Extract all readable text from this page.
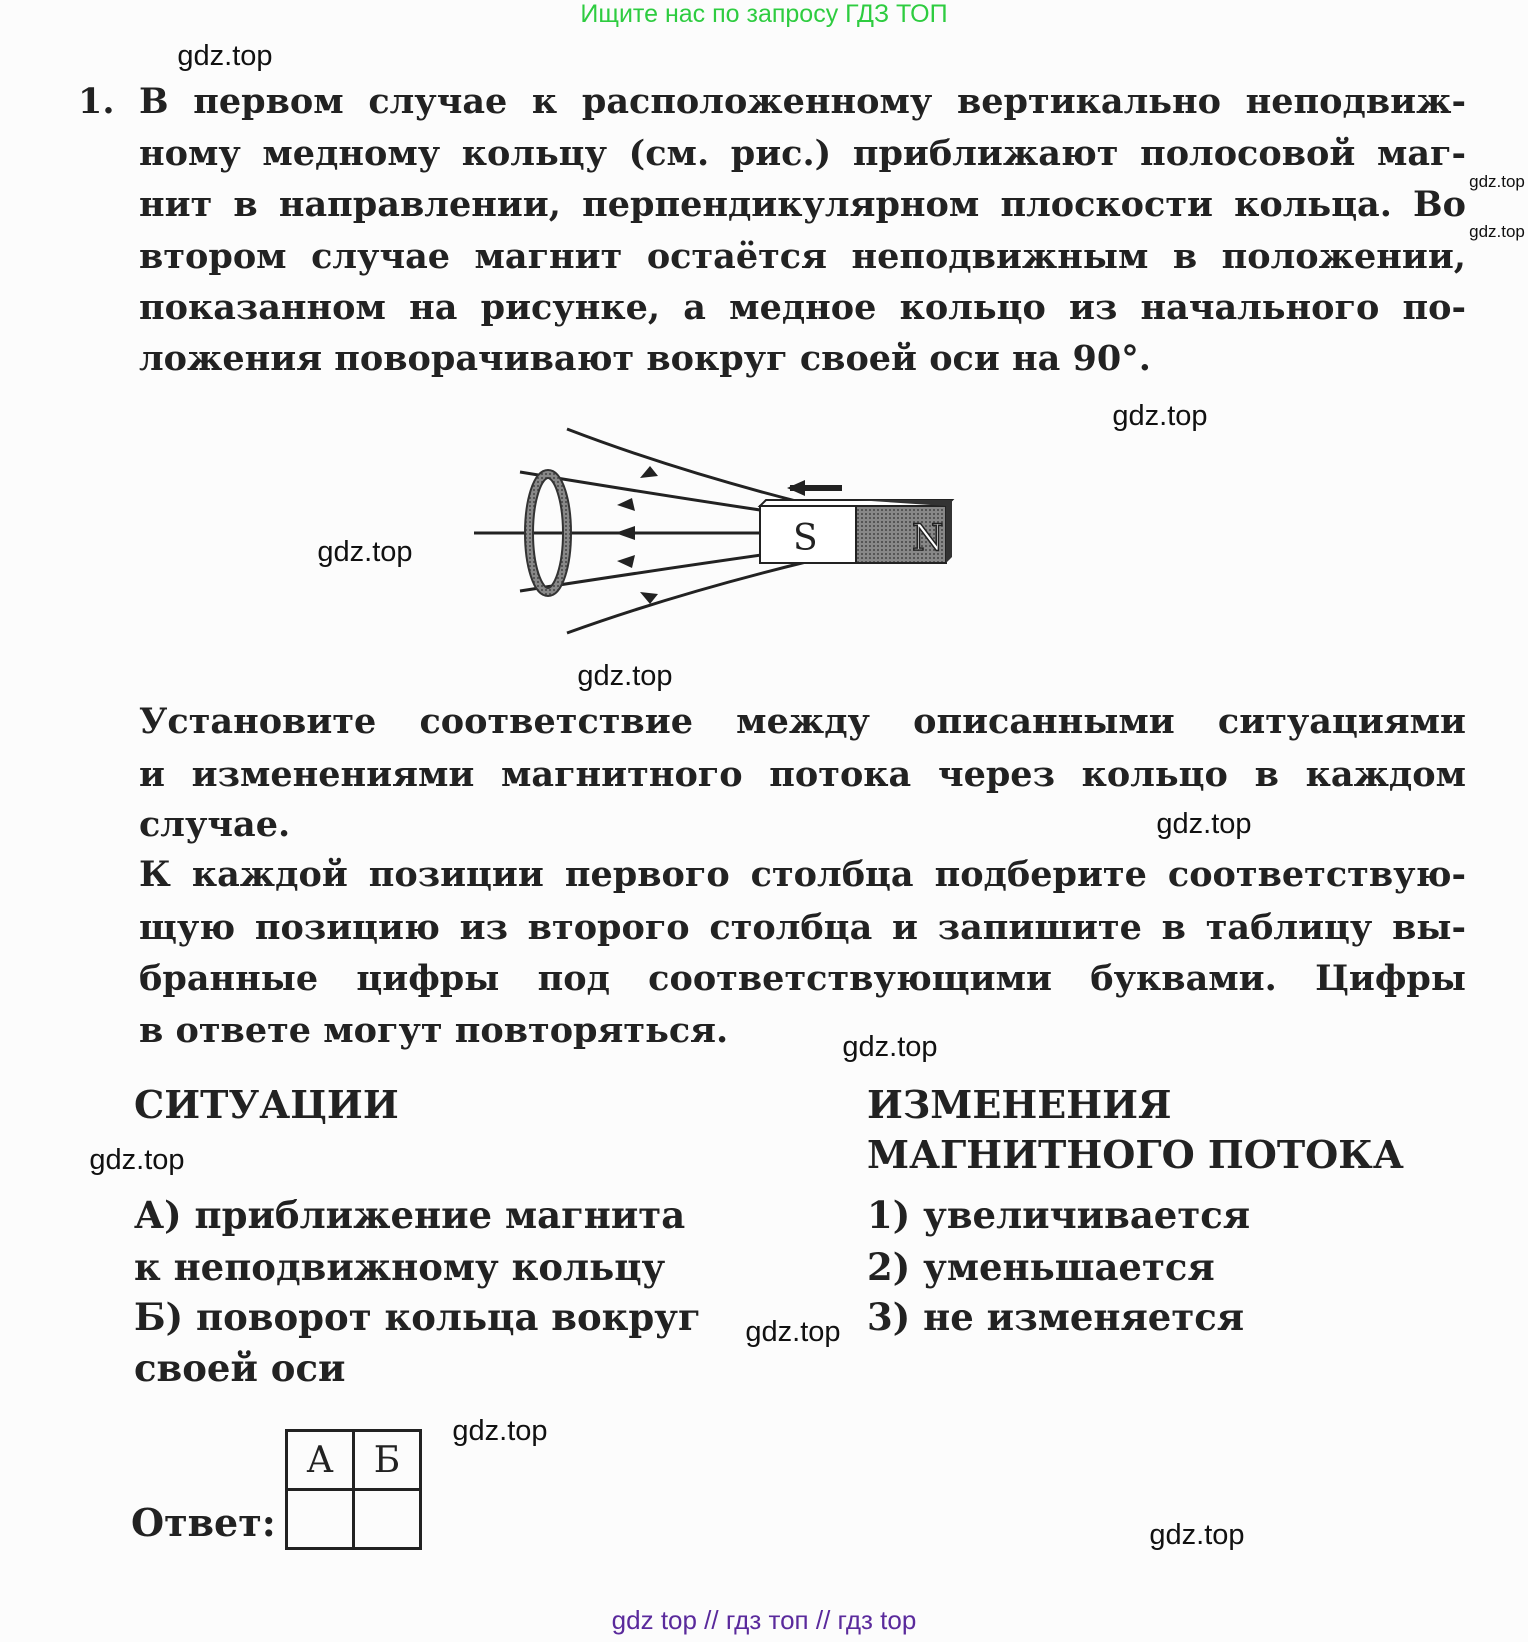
Ищите нас по запросу ГДЗ ТОП
1. В первом случае к расположенному вертикально неподвиж-
ному медному кольцу (см. рис.) приближают полосовой маг-
нит в направлении, перпендикулярном плоскости кольца. Во
втором случае магнит остаётся неподвижным в положении,
показанном на рисунке, а медное кольцо из начального по-
ложения поворачивают вокруг своей оси на 90°.
S	N
Установите соответствие между описанными ситуациями
и изменениями магнитного потока через кольцо в каждом
случае.
К каждой позиции первого столбца подберите соответствую-
щую позицию из второго столбца и запишите в таблицу вы-
бранные цифры под соответствующими буквами. Цифры
в ответе могут повторяться.
СИТУАЦИИ	ИЗМЕНЕНИЯ
МАГНИТНОГО ПОТОКА
А) приближение магнита
к неподвижному кольцу
Б) поворот кольца вокруг
своей оси
1) увеличивается
2) уменьшается
3) не изменяется
Ответ:
А	Б

gdz.top
gdz.top
gdz.top
gdz.top
gdz.top
gdz.top
gdz.top
gdz.top
gdz.top
gdz.top
gdz.top
gdz.top
gdz top // гдз топ // гдз top
